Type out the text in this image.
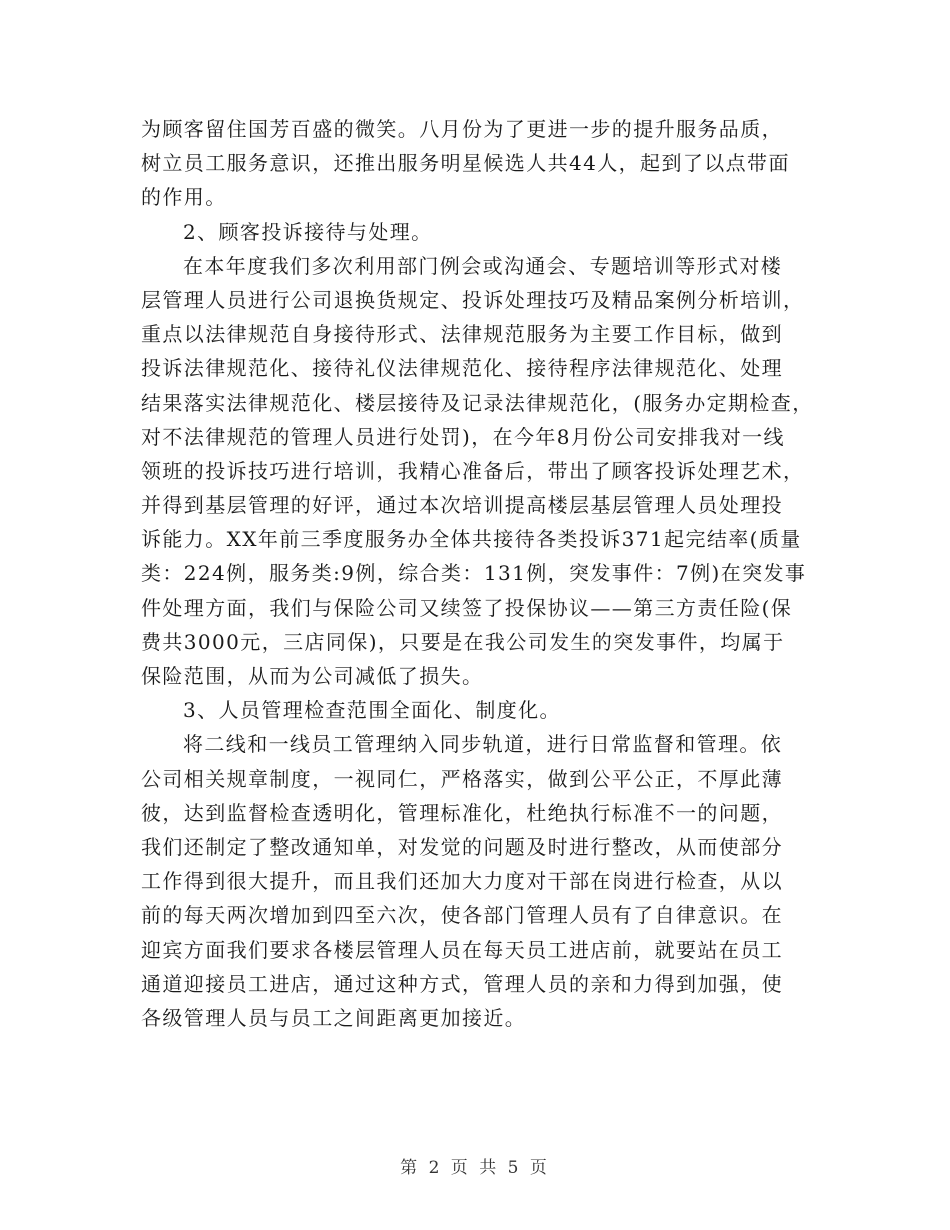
为顾客留住国芳百盛的微笑。八月份为了更进一步的提升服务品质，
树立员工服务意识，还推出服务明星候选人共44人，起到了以点带面
的作用。
2、顾客投诉接待与处理。
在本年度我们多次利用部门例会或沟通会、专题培训等形式对楼
层管理人员进行公司退换货规定、投诉处理技巧及精品案例分析培训，
重点以法律规范自身接待形式、法律规范服务为主要工作目标，做到
投诉法律规范化、接待礼仪法律规范化、接待程序法律规范化、处理
结果落实法律规范化、楼层接待及记录法律规范化，(服务办定期检查，
对不法律规范的管理人员进行处罚)，在今年8月份公司安排我对一线
领班的投诉技巧进行培训，我精心准备后，带出了顾客投诉处理艺术，
并得到基层管理的好评，通过本次培训提高楼层基层管理人员处理投
诉能力。XX年前三季度服务办全体共接待各类投诉371起完结率(质量
类：224例，服务类:9例，综合类：131例，突发事件：7例)在突发事
件处理方面，我们与保险公司又续签了投保协议——第三方责任险(保
费共3000元，三店同保)，只要是在我公司发生的突发事件，均属于
保险范围，从而为公司减低了损失。
3、人员管理检查范围全面化、制度化。
将二线和一线员工管理纳入同步轨道，进行日常监督和管理。依
公司相关规章制度，一视同仁，严格落实，做到公平公正，不厚此薄
彼，达到监督检查透明化，管理标准化，杜绝执行标准不一的问题，
我们还制定了整改通知单，对发觉的问题及时进行整改，从而使部分
工作得到很大提升，而且我们还加大力度对干部在岗进行检查，从以
前的每天两次增加到四至六次，使各部门管理人员有了自律意识。在
迎宾方面我们要求各楼层管理人员在每天员工进店前，就要站在员工
通道迎接员工进店，通过这种方式，管理人员的亲和力得到加强，使
各级管理人员与员工之间距离更加接近。
第 2 页 共 5 页
